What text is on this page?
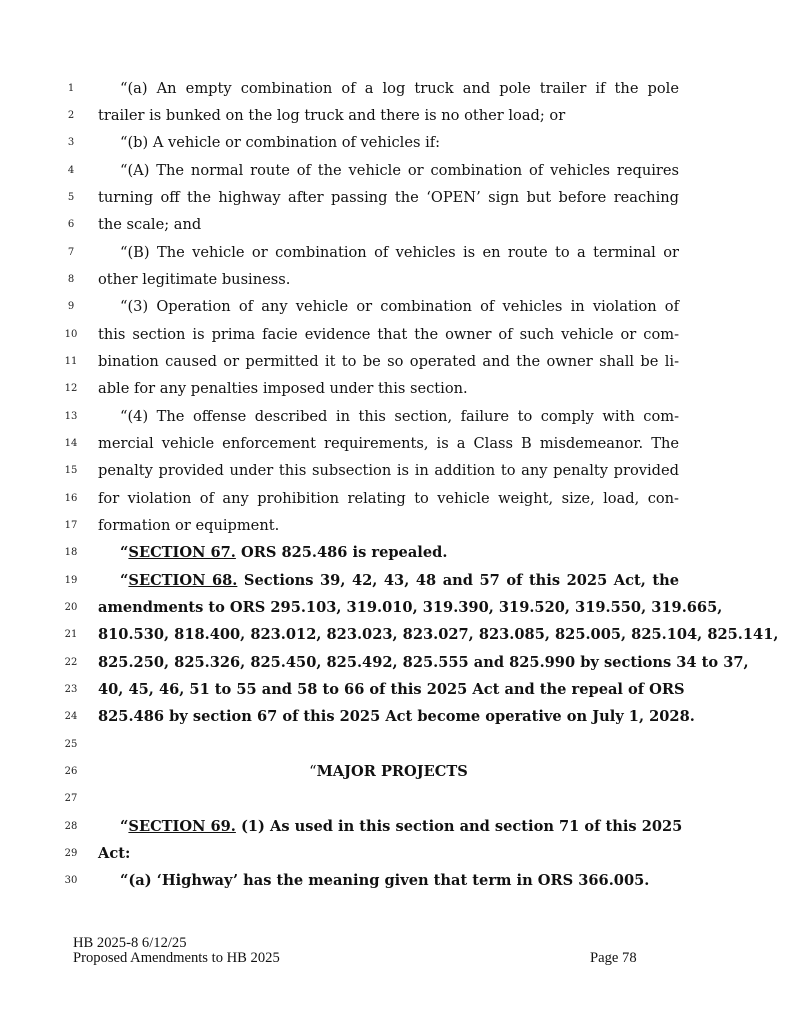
1	“(a) An empty combination of a log truck and pole trailer if the pole
2	trailer is bunked on the log truck and there is no other load; or
3	“(b) A vehicle or combination of vehicles if:
4	“(A) The normal route of the vehicle or combination of vehicles requires
5	turning off the highway after passing the ‘OPEN’ sign but before reaching
6	the scale; and
7	“(B) The vehicle or combination of vehicles is en route to a terminal or
8	other legitimate business.
9	“(3) Operation of any vehicle or combination of vehicles in violation of
10	this section is prima facie evidence that the owner of such vehicle or com-
11	bination caused or permitted it to be so operated and the owner shall be li-
12	able for any penalties imposed under this section.
13	“(4) The offense described in this section, failure to comply with com-
14	mercial vehicle enforcement requirements, is a Class B misdemeanor. The
15	penalty provided under this subsection is in addition to any penalty provided
16	for violation of any prohibition relating to vehicle weight, size, load, con-
17	formation or equipment.
18	“SECTION 67. ORS 825.486 is repealed.
19	“SECTION 68. Sections 39, 42, 43, 48 and 57 of this 2025 Act, the
20	amendments to ORS 295.103, 319.010, 319.390, 319.520, 319.550, 319.665,
21	810.530, 818.400, 823.012, 823.023, 823.027, 823.085, 825.005, 825.104, 825.141,
22	825.250, 825.326, 825.450, 825.492, 825.555 and 825.990 by sections 34 to 37,
23	40, 45, 46, 51 to 55 and 58 to 66 of this 2025 Act and the repeal of ORS
24	825.486 by section 67 of this 2025 Act become operative on July 1, 2028.
25
26	“MAJOR PROJECTS
27
28	“SECTION 69. (1) As used in this section and section 71 of this 2025
29	Act:
30	“(a) ‘Highway’ has the meaning given that term in ORS 366.005.
HB 2025-8 6/12/25
Proposed Amendments to HB 2025	Page 78
